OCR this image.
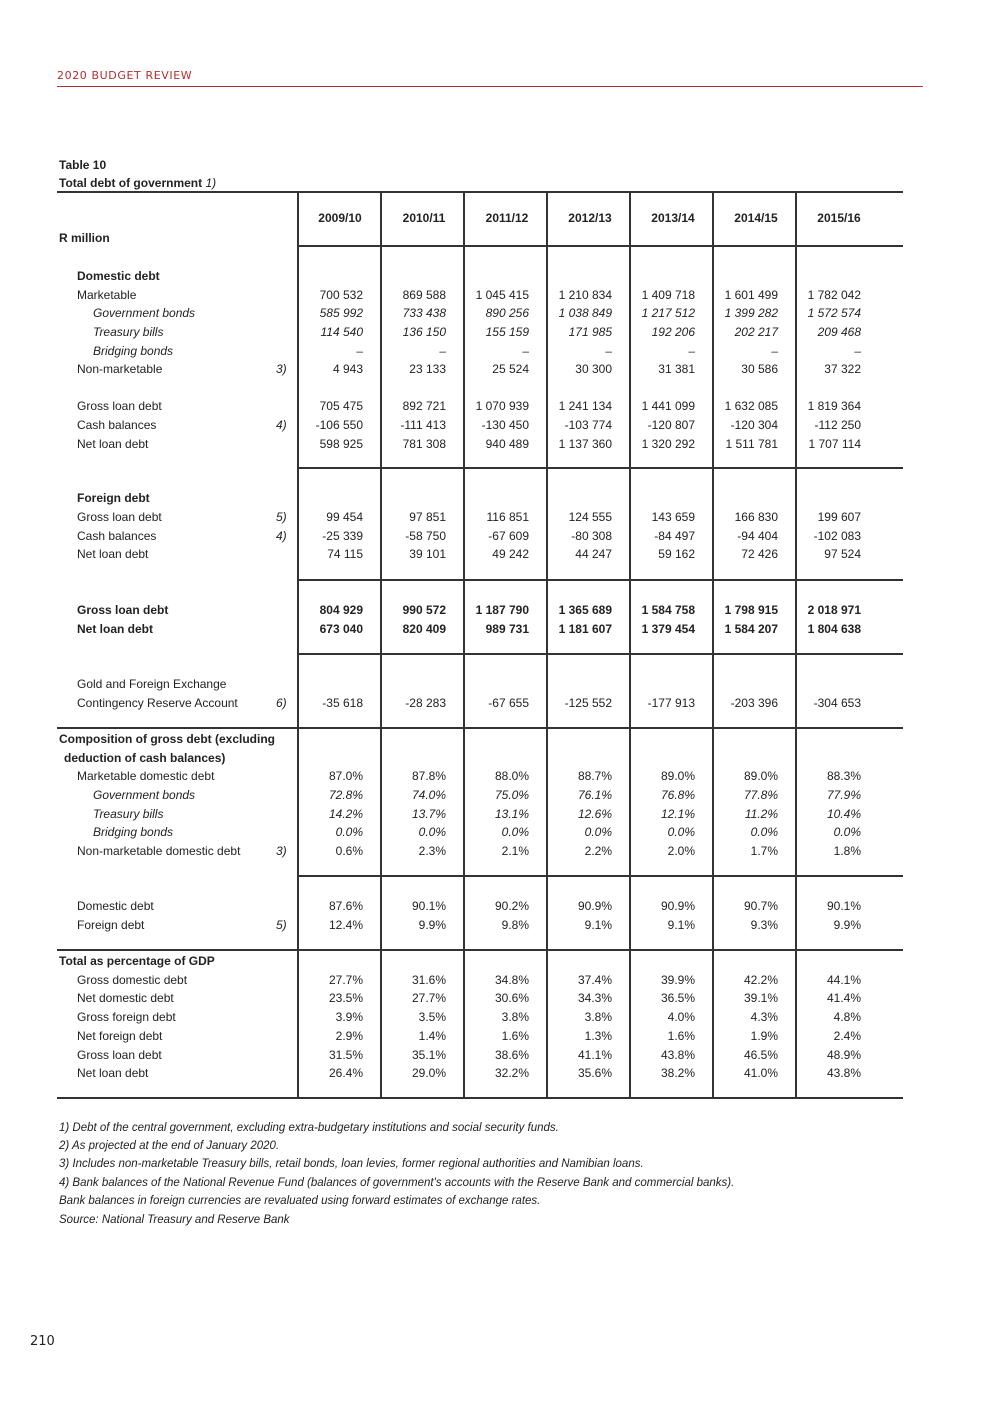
2020 BUDGET REVIEW
Table 10
Total debt of government 1)
R million
2009/10	2010/11	2011/12	2012/13	2013/14	2014/15	2015/16
Domestic debt
Marketable	700 532	869 588	1 045 415	1 210 834	1 409 718	1 601 499	1 782 042
Government bonds	585 992	733 438	890 256	1 038 849	1 217 512	1 399 282	1 572 574
Treasury bills	114 540	136 150	155 159	171 985	192 206	202 217	209 468
Bridging bonds	–	–	–	–	–	–	–
Non-marketable	3)	4 943	23 133	25 524	30 300	31 381	30 586	37 322
Gross loan debt	705 475	892 721	1 070 939	1 241 134	1 441 099	1 632 085	1 819 364
Cash balances	4)	-106 550	-111 413	-130 450	-103 774	-120 807	-120 304	-112 250
Net loan debt	598 925	781 308	940 489	1 137 360	1 320 292	1 511 781	1 707 114
Foreign debt
Gross loan debt	5)	99 454	97 851	116 851	124 555	143 659	166 830	199 607
Cash balances	4)	-25 339	-58 750	-67 609	-80 308	-84 497	-94 404	-102 083
Net loan debt	74 115	39 101	49 242	44 247	59 162	72 426	97 524
Gross loan debt	804 929	990 572	1 187 790	1 365 689	1 584 758	1 798 915	2 018 971
Net loan debt	673 040	820 409	989 731	1 181 607	1 379 454	1 584 207	1 804 638
Gold and Foreign Exchange
Contingency Reserve Account	6)	-35 618	-28 283	-67 655	-125 552	-177 913	-203 396	-304 653
Composition of gross debt (excluding
deduction of cash balances)
Marketable domestic debt	87.0%	87.8%	88.0%	88.7%	89.0%	89.0%	88.3%
Government bonds	72.8%	74.0%	75.0%	76.1%	76.8%	77.8%	77.9%
Treasury bills	14.2%	13.7%	13.1%	12.6%	12.1%	11.2%	10.4%
Bridging bonds	0.0%	0.0%	0.0%	0.0%	0.0%	0.0%	0.0%
Non-marketable domestic debt	3)	0.6%	2.3%	2.1%	2.2%	2.0%	1.7%	1.8%
Domestic debt	87.6%	90.1%	90.2%	90.9%	90.9%	90.7%	90.1%
Foreign debt	5)	12.4%	9.9%	9.8%	9.1%	9.1%	9.3%	9.9%
Total as percentage of GDP
Gross domestic debt	27.7%	31.6%	34.8%	37.4%	39.9%	42.2%	44.1%
Net domestic debt	23.5%	27.7%	30.6%	34.3%	36.5%	39.1%	41.4%
Gross foreign debt	3.9%	3.5%	3.8%	3.8%	4.0%	4.3%	4.8%
Net foreign debt	2.9%	1.4%	1.6%	1.3%	1.6%	1.9%	2.4%
Gross loan debt	31.5%	35.1%	38.6%	41.1%	43.8%	46.5%	48.9%
Net loan debt	26.4%	29.0%	32.2%	35.6%	38.2%	41.0%	43.8%
1) Debt of the central government, excluding extra-budgetary institutions and social security funds.
2) As projected at the end of January 2020.
3) Includes non-marketable Treasury bills, retail bonds, loan levies, former regional authorities and Namibian loans.
4) Bank balances of the National Revenue Fund (balances of government's accounts with the Reserve Bank and commercial banks).
Bank balances in foreign currencies are revaluated using forward estimates of exchange rates.
Source: National Treasury and Reserve Bank
210
